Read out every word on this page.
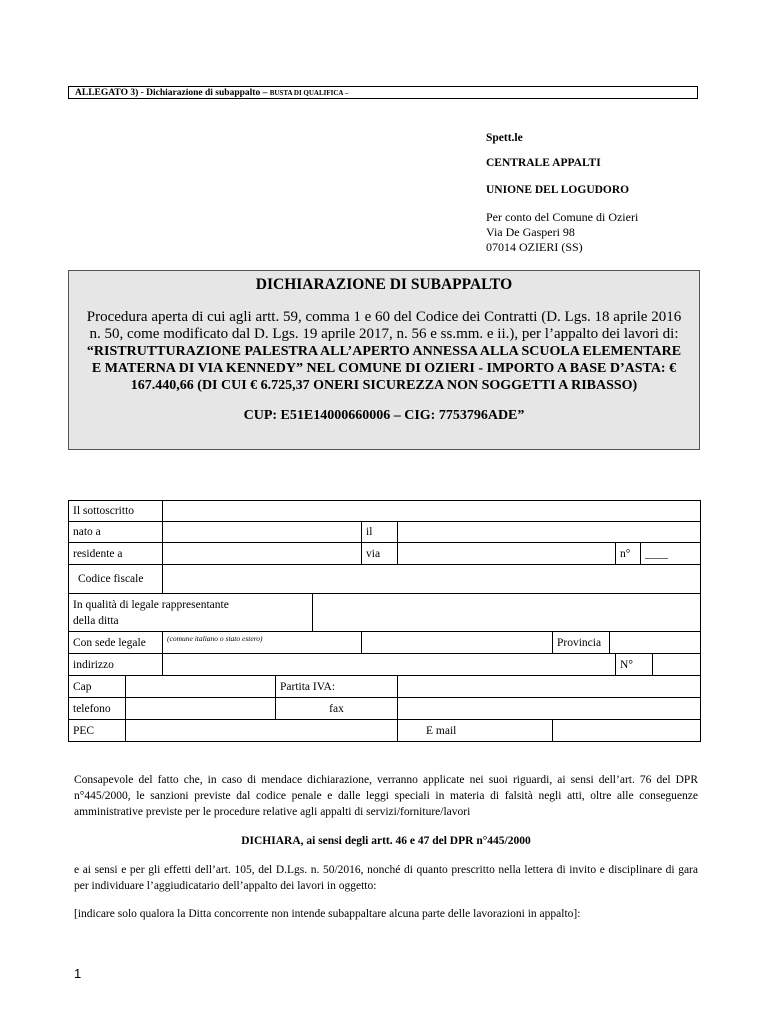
ALLEGATO 3) - Dichiarazione di subappalto – BUSTA DI QUALIFICA –
Spett.le
CENTRALE APPALTI
UNIONE DEL LOGUDORO
Per conto del Comune di Ozieri
Via De Gasperi 98
07014 OZIERI (SS)
DICHIARAZIONE DI SUBAPPALTO
Procedura aperta di cui agli artt. 59, comma 1 e 60 del Codice dei Contratti (D. Lgs. 18 aprile 2016 n. 50, come modificato dal D. Lgs. 19 aprile 2017, n. 56 e ss.mm. e ii.), per l’appalto dei lavori di: “RISTRUTTURAZIONE PALESTRA ALL’APERTO ANNESSA ALLA SCUOLA ELEMENTARE E MATERNA DI VIA KENNEDY” NEL COMUNE DI OZIERI - IMPORTO A BASE D’ASTA: € 167.440,66 (DI CUI € 6.725,37 ONERI SICUREZZA NON SOGGETTI A RIBASSO)
CUP: E51E14000660006 – CIG: 7753796ADE”
Il sottoscritto											
nato a					il						
residente a					via				n°	____	
Codice fiscale											
In qualità di legale rappresentante
della ditta											
Con sede legale		(comune italiano o stato estero)					Provincia				
indirizzo									N°		
Cap			Partita IVA:								
telefono			fax								
PEC						E mail					
Consapevole del fatto che, in caso di mendace dichiarazione, verranno applicate nei suoi riguardi, ai sensi dell’art. 76 del DPR n°445/2000, le sanzioni previste dal codice penale e dalle leggi speciali in materia di falsità negli atti, oltre alle conseguenze amministrative previste per le procedure relative agli appalti di servizi/forniture/lavori
DICHIARA, ai sensi degli artt. 46 e 47 del DPR n°445/2000
e ai sensi e per gli effetti dell’art. 105, del D.Lgs. n. 50/2016, nonché di quanto prescritto nella lettera di invito e disciplinare di gara per individuare l’aggiudicatario dell’appalto dei lavori in oggetto:
[indicare solo qualora la Ditta concorrente non intende subappaltare alcuna parte delle lavorazioni in appalto]:
1
